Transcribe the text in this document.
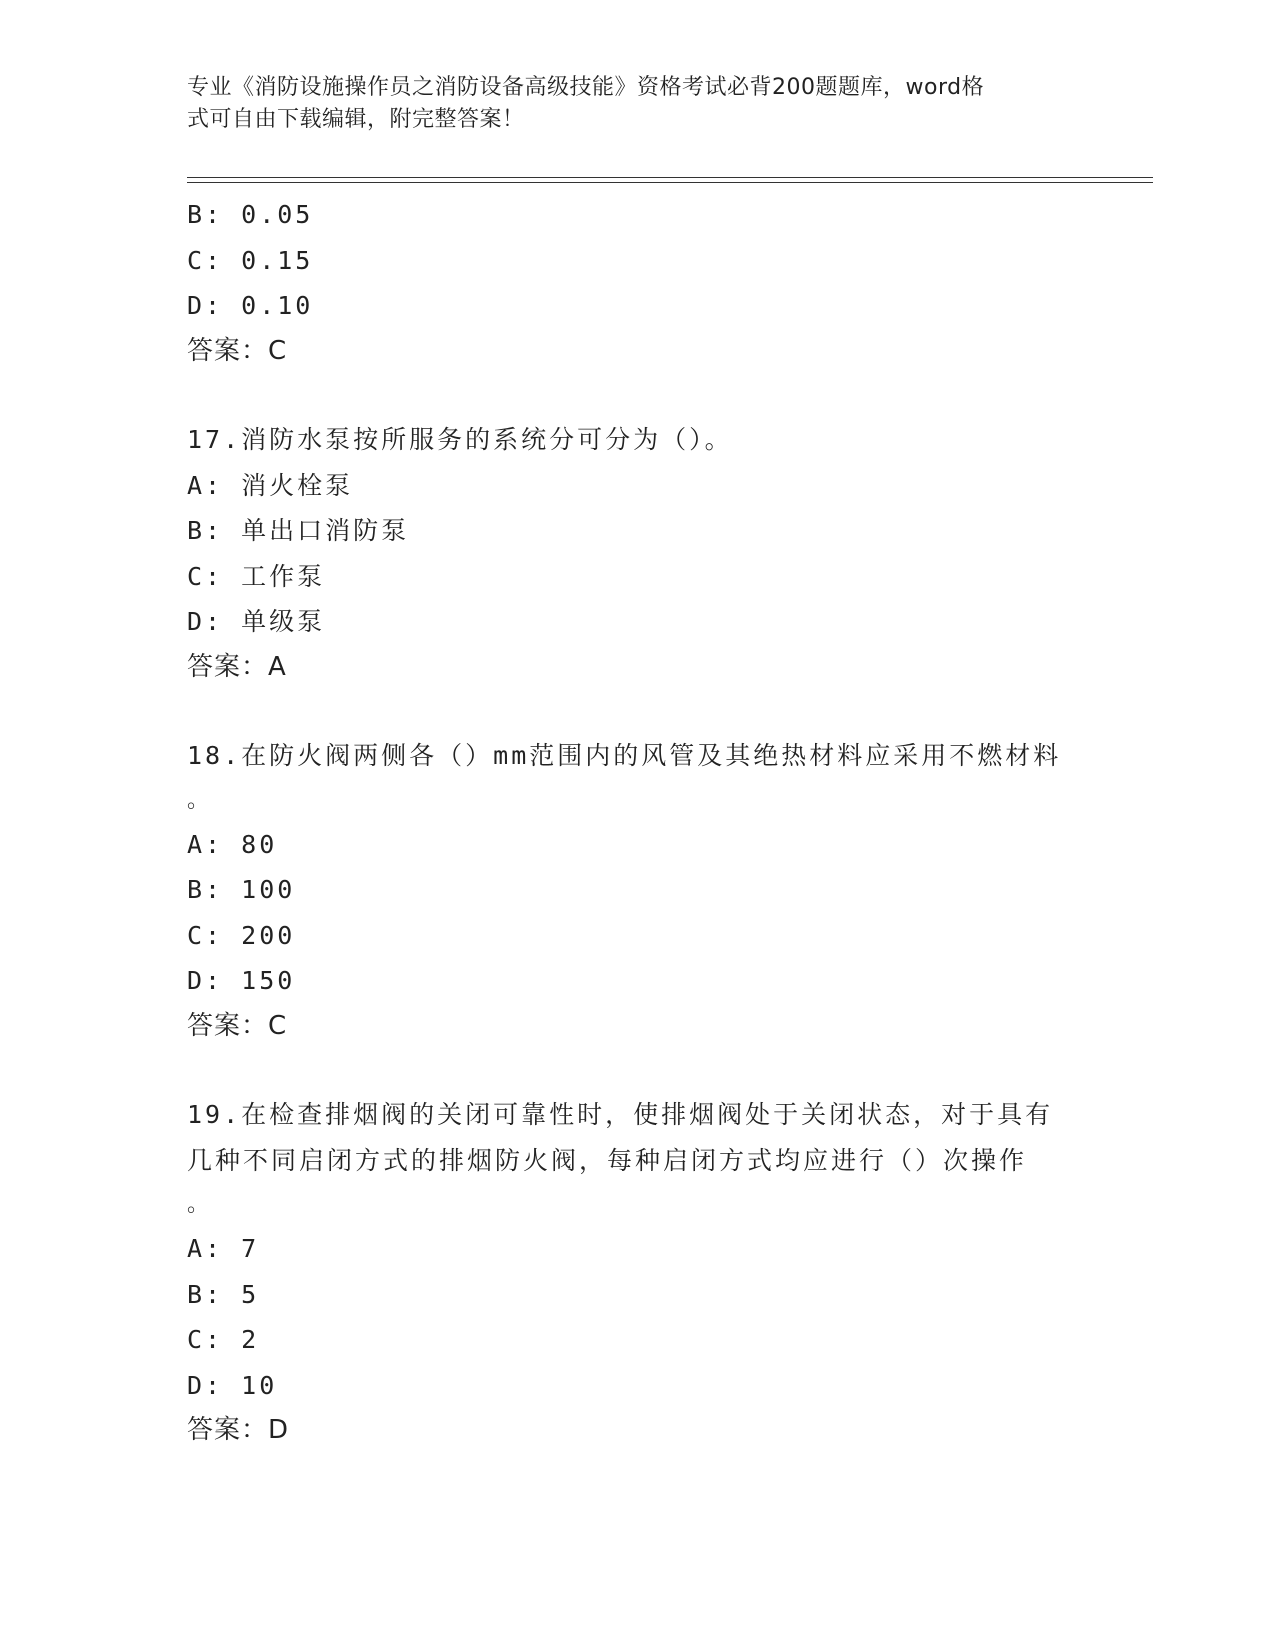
专业《消防设施操作员之消防设备高级技能》资格考试必背200题题库，word格
式可自由下载编辑，附完整答案！
B: 0.05
C: 0.15
D: 0.10
答案：C
17.消防水泵按所服务的系统分可分为（）。
A: 消火栓泵
B: 单出口消防泵
C: 工作泵
D: 单级泵
答案：A
18.在防火阀两侧各（）mm范围内的风管及其绝热材料应采用不燃材料
。
A: 80
B: 100
C: 200
D: 150
答案：C
19.在检查排烟阀的关闭可靠性时，使排烟阀处于关闭状态，对于具有
几种不同启闭方式的排烟防火阀，每种启闭方式均应进行（）次操作
。
A: 7
B: 5
C: 2
D: 10
答案：D
